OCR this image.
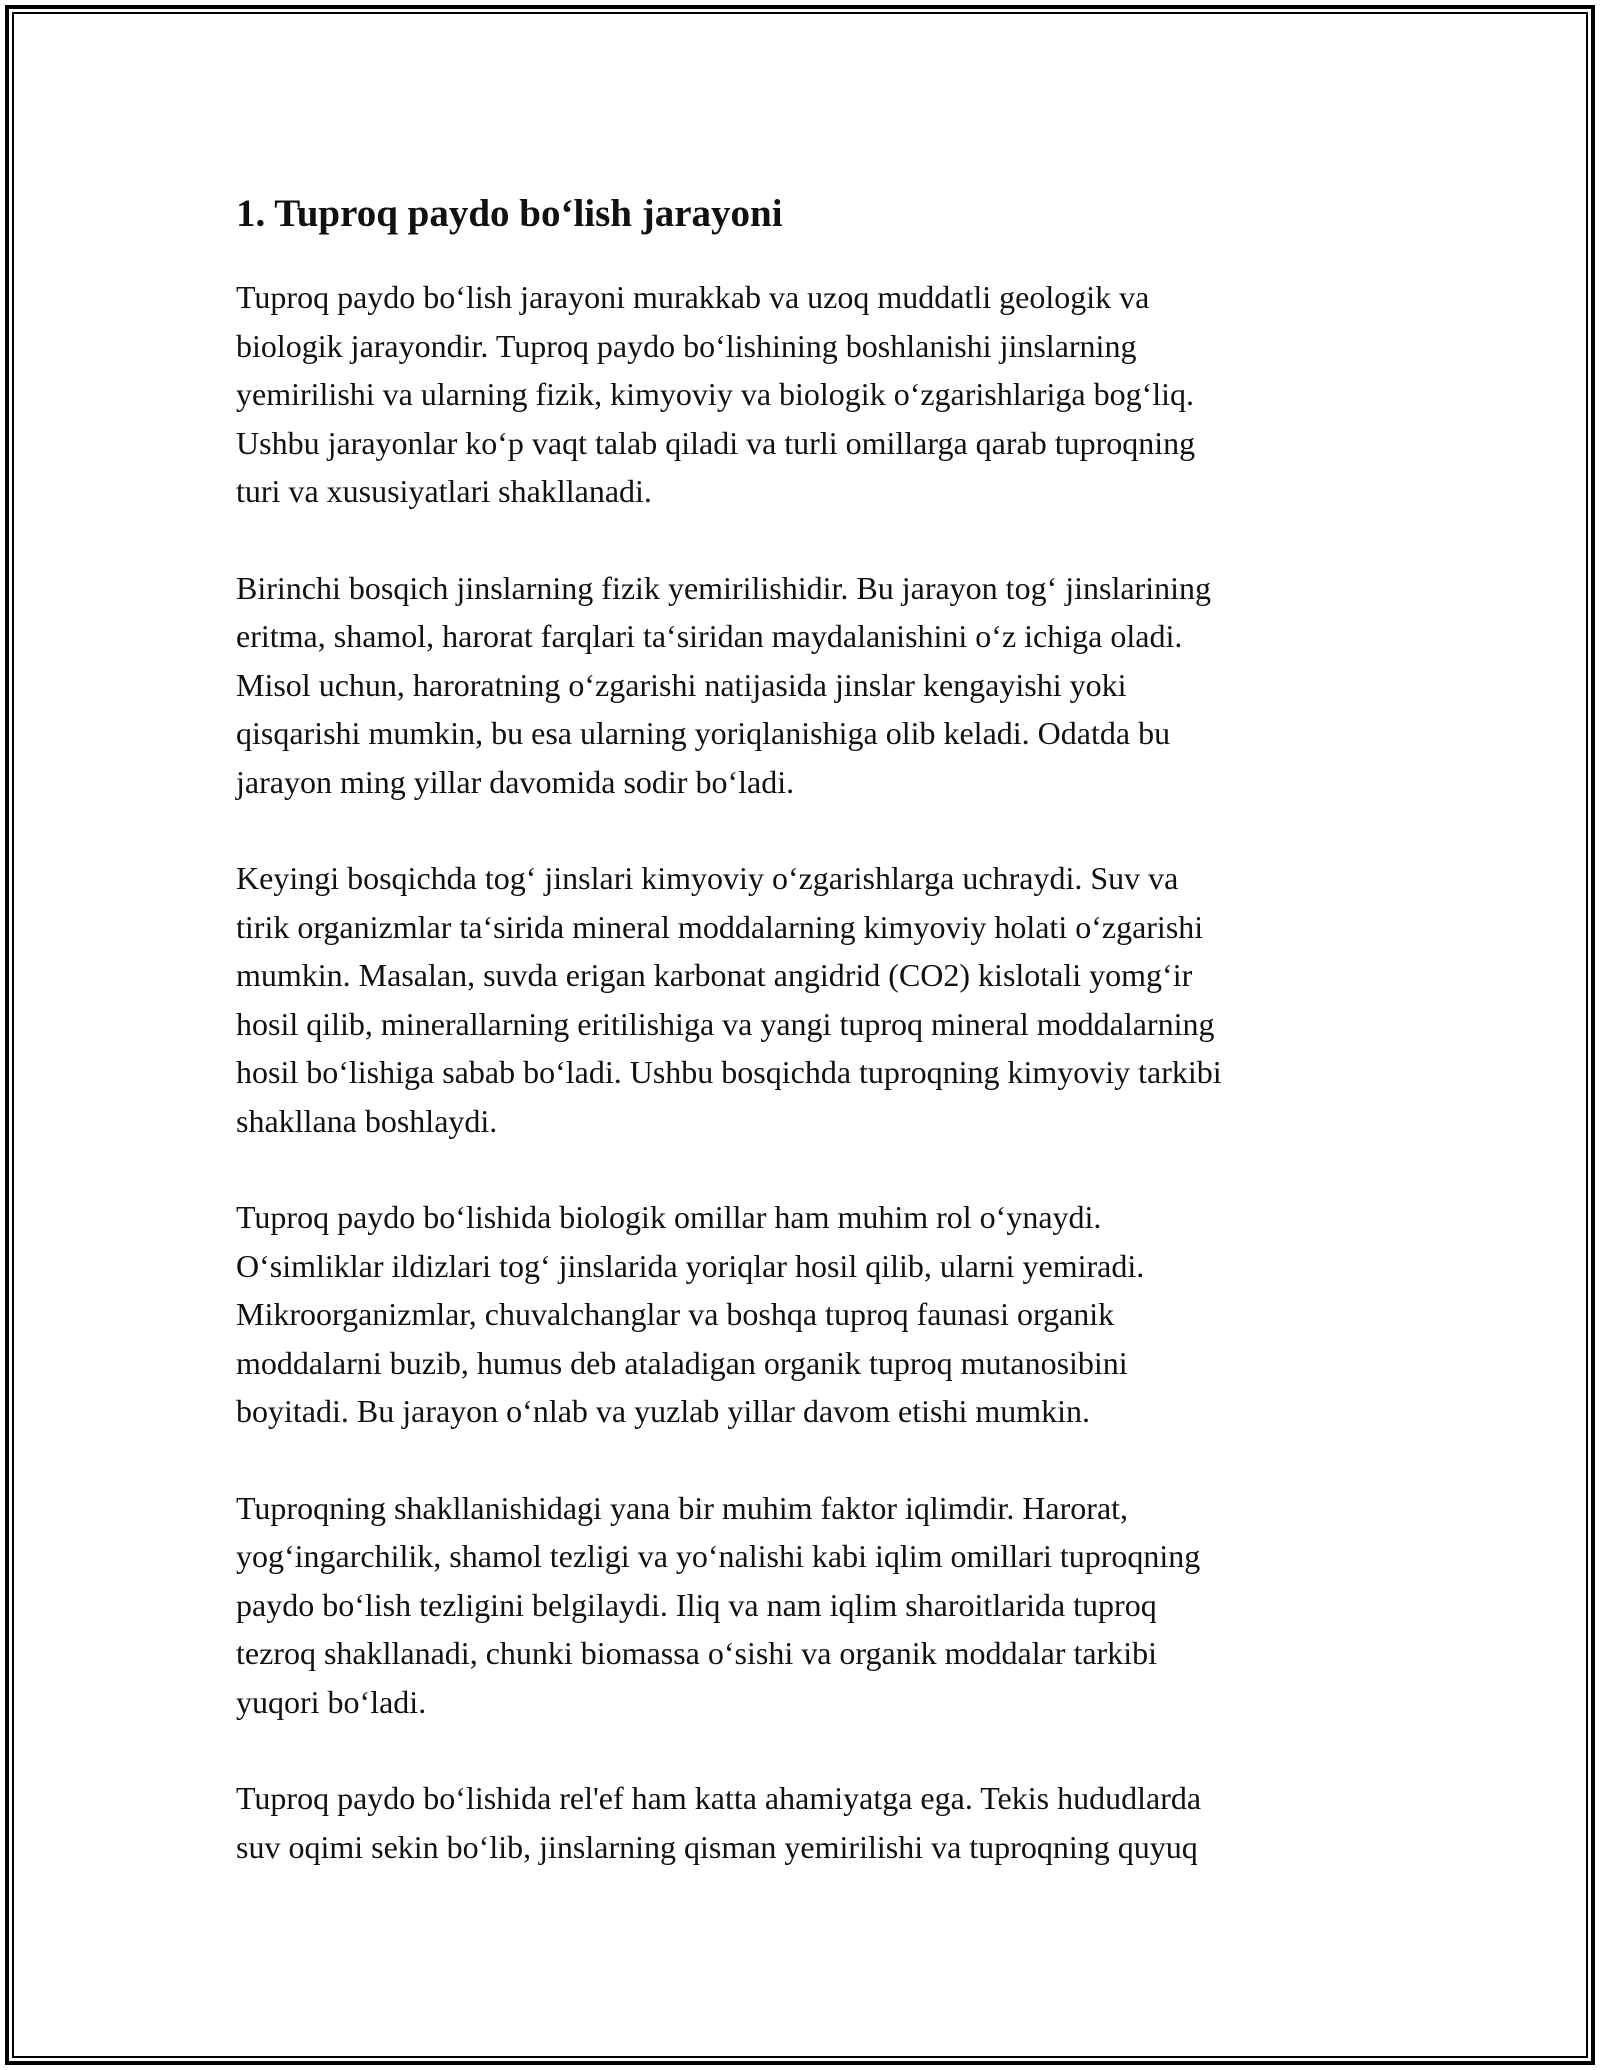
1. Tuproq paydo bo‘lish jarayoni

Tuproq paydo bo‘lish jarayoni murakkab va uzoq muddatli geologik va
biologik jarayondir. Tuproq paydo bo‘lishining boshlanishi jinslarning
yemirilishi va ularning fizik, kimyoviy va biologik o‘zgarishlariga bog‘liq.
Ushbu jarayonlar ko‘p vaqt talab qiladi va turli omillarga qarab tuproqning
turi va xususiyatlari shakllanadi.

Birinchi bosqich jinslarning fizik yemirilishidir. Bu jarayon tog‘ jinslarining
eritma, shamol, harorat farqlari ta‘siridan maydalanishini o‘z ichiga oladi.
Misol uchun, haroratning o‘zgarishi natijasida jinslar kengayishi yoki
qisqarishi mumkin, bu esa ularning yoriqlanishiga olib keladi. Odatda bu
jarayon ming yillar davomida sodir bo‘ladi.

Keyingi bosqichda tog‘ jinslari kimyoviy o‘zgarishlarga uchraydi. Suv va
tirik organizmlar ta‘sirida mineral moddalarning kimyoviy holati o‘zgarishi
mumkin. Masalan, suvda erigan karbonat angidrid (CO2) kislotali yomg‘ir
hosil qilib, minerallarning eritilishiga va yangi tuproq mineral moddalarning
hosil bo‘lishiga sabab bo‘ladi. Ushbu bosqichda tuproqning kimyoviy tarkibi
shakllana boshlaydi.

Tuproq paydo bo‘lishida biologik omillar ham muhim rol o‘ynaydi.
O‘simliklar ildizlari tog‘ jinslarida yoriqlar hosil qilib, ularni yemiradi.
Mikroorganizmlar, chuvalchanglar va boshqa tuproq faunasi organik
moddalarni buzib, humus deb ataladigan organik tuproq mutanosibini
boyitadi. Bu jarayon o‘nlab va yuzlab yillar davom etishi mumkin.

Tuproqning shakllanishidagi yana bir muhim faktor iqlimdir. Harorat,
yog‘ingarchilik, shamol tezligi va yo‘nalishi kabi iqlim omillari tuproqning
paydo bo‘lish tezligini belgilaydi. Iliq va nam iqlim sharoitlarida tuproq
tezroq shakllanadi, chunki biomassa o‘sishi va organik moddalar tarkibi
yuqori bo‘ladi.

Tuproq paydo bo‘lishida rel'ef ham katta ahamiyatga ega. Tekis hududlarda
suv oqimi sekin bo‘lib, jinslarning qisman yemirilishi va tuproqning quyuq
